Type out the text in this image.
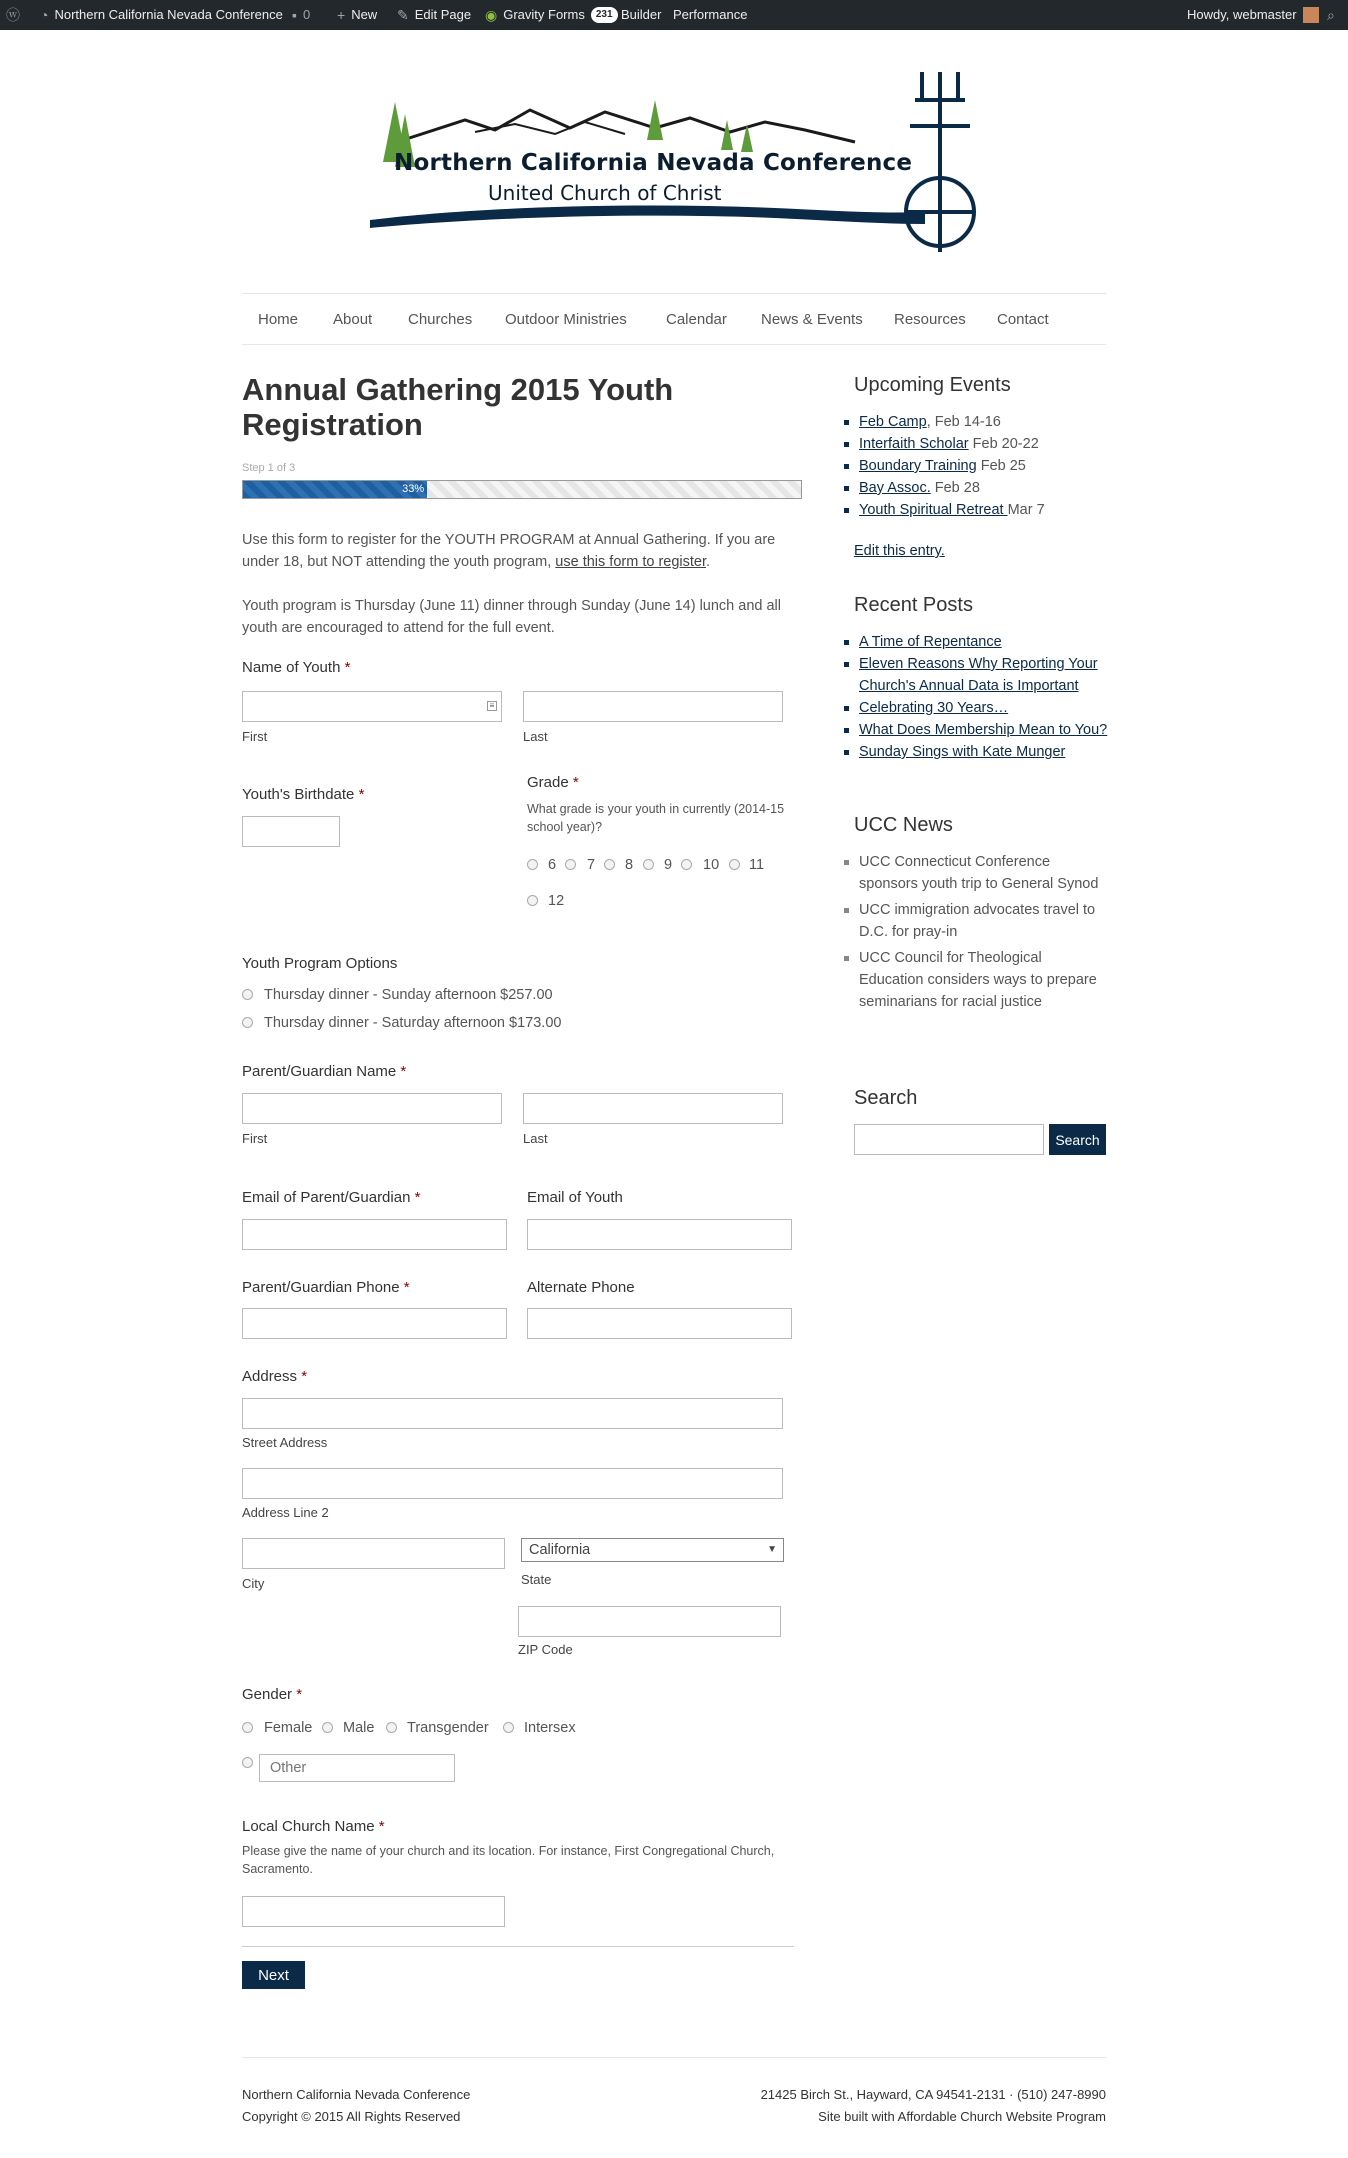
ⓦ ◔ Northern California Nevada Conference ▪ 0 + New ✎ Edit Page ◉ Gravity Forms	231 Builder Performance	Howdy, webmaster ⌕
Northern California Nevada Conference
United Church of Christ
Home About Churches Outdoor Ministries	Calendar News & Events Resources Contact
Annual Gathering 2015 Youth Registration
Step 1 of 3
33%

Use this form to register for the YOUTH PROGRAM at Annual Gathering. If you are under 18, but NOT attending the youth program, use this form to register.

Youth program is Thursday (June 11) dinner through Sunday (June 14) lunch and all youth are encouraged to attend for the full event.

Name of Youth *
≡
First	Last
Youth's Birthdate *
Grade *
What grade is your youth in currently (2014-15 school year)?
6 7 8 9 10 11
12
Youth Program Options
Thursday dinner - Sunday afternoon $257.00
Thursday dinner - Saturday afternoon $173.00
Parent/Guardian Name *
First	Last
Email of Parent/Guardian *	Email of Youth
Parent/Guardian Phone *	Alternate Phone
Address *
Street Address
Address Line 2
City
California	▼
State
ZIP Code
Gender *
Female Male Transgender Intersex
Other
Local Church Name *
Please give the name of your church and its location. For instance, First Congregational Church, Sacramento.
Next
Upcoming Events
Feb Camp, Feb 14-16
Interfaith Scholar Feb 20-22
Boundary Training Feb 25
Bay Assoc. Feb 28
Youth Spiritual Retreat Mar 7
Edit this entry.
Recent Posts
A Time of Repentance
Eleven Reasons Why Reporting Your Church's Annual Data is Important
Celebrating 30 Years…
What Does Membership Mean to You?
Sunday Sings with Kate Munger
UCC News
UCC Connecticut Conference sponsors youth trip to General Synod
UCC immigration advocates travel to D.C. for pray-in
UCC Council for Theological Education considers ways to prepare seminarians for racial justice
Search
Search
Northern California Nevada Conference
Copyright © 2015 All Rights Reserved
21425 Birch St., Hayward, CA 94541-2131 · (510) 247-8990
Site built with Affordable Church Website Program
